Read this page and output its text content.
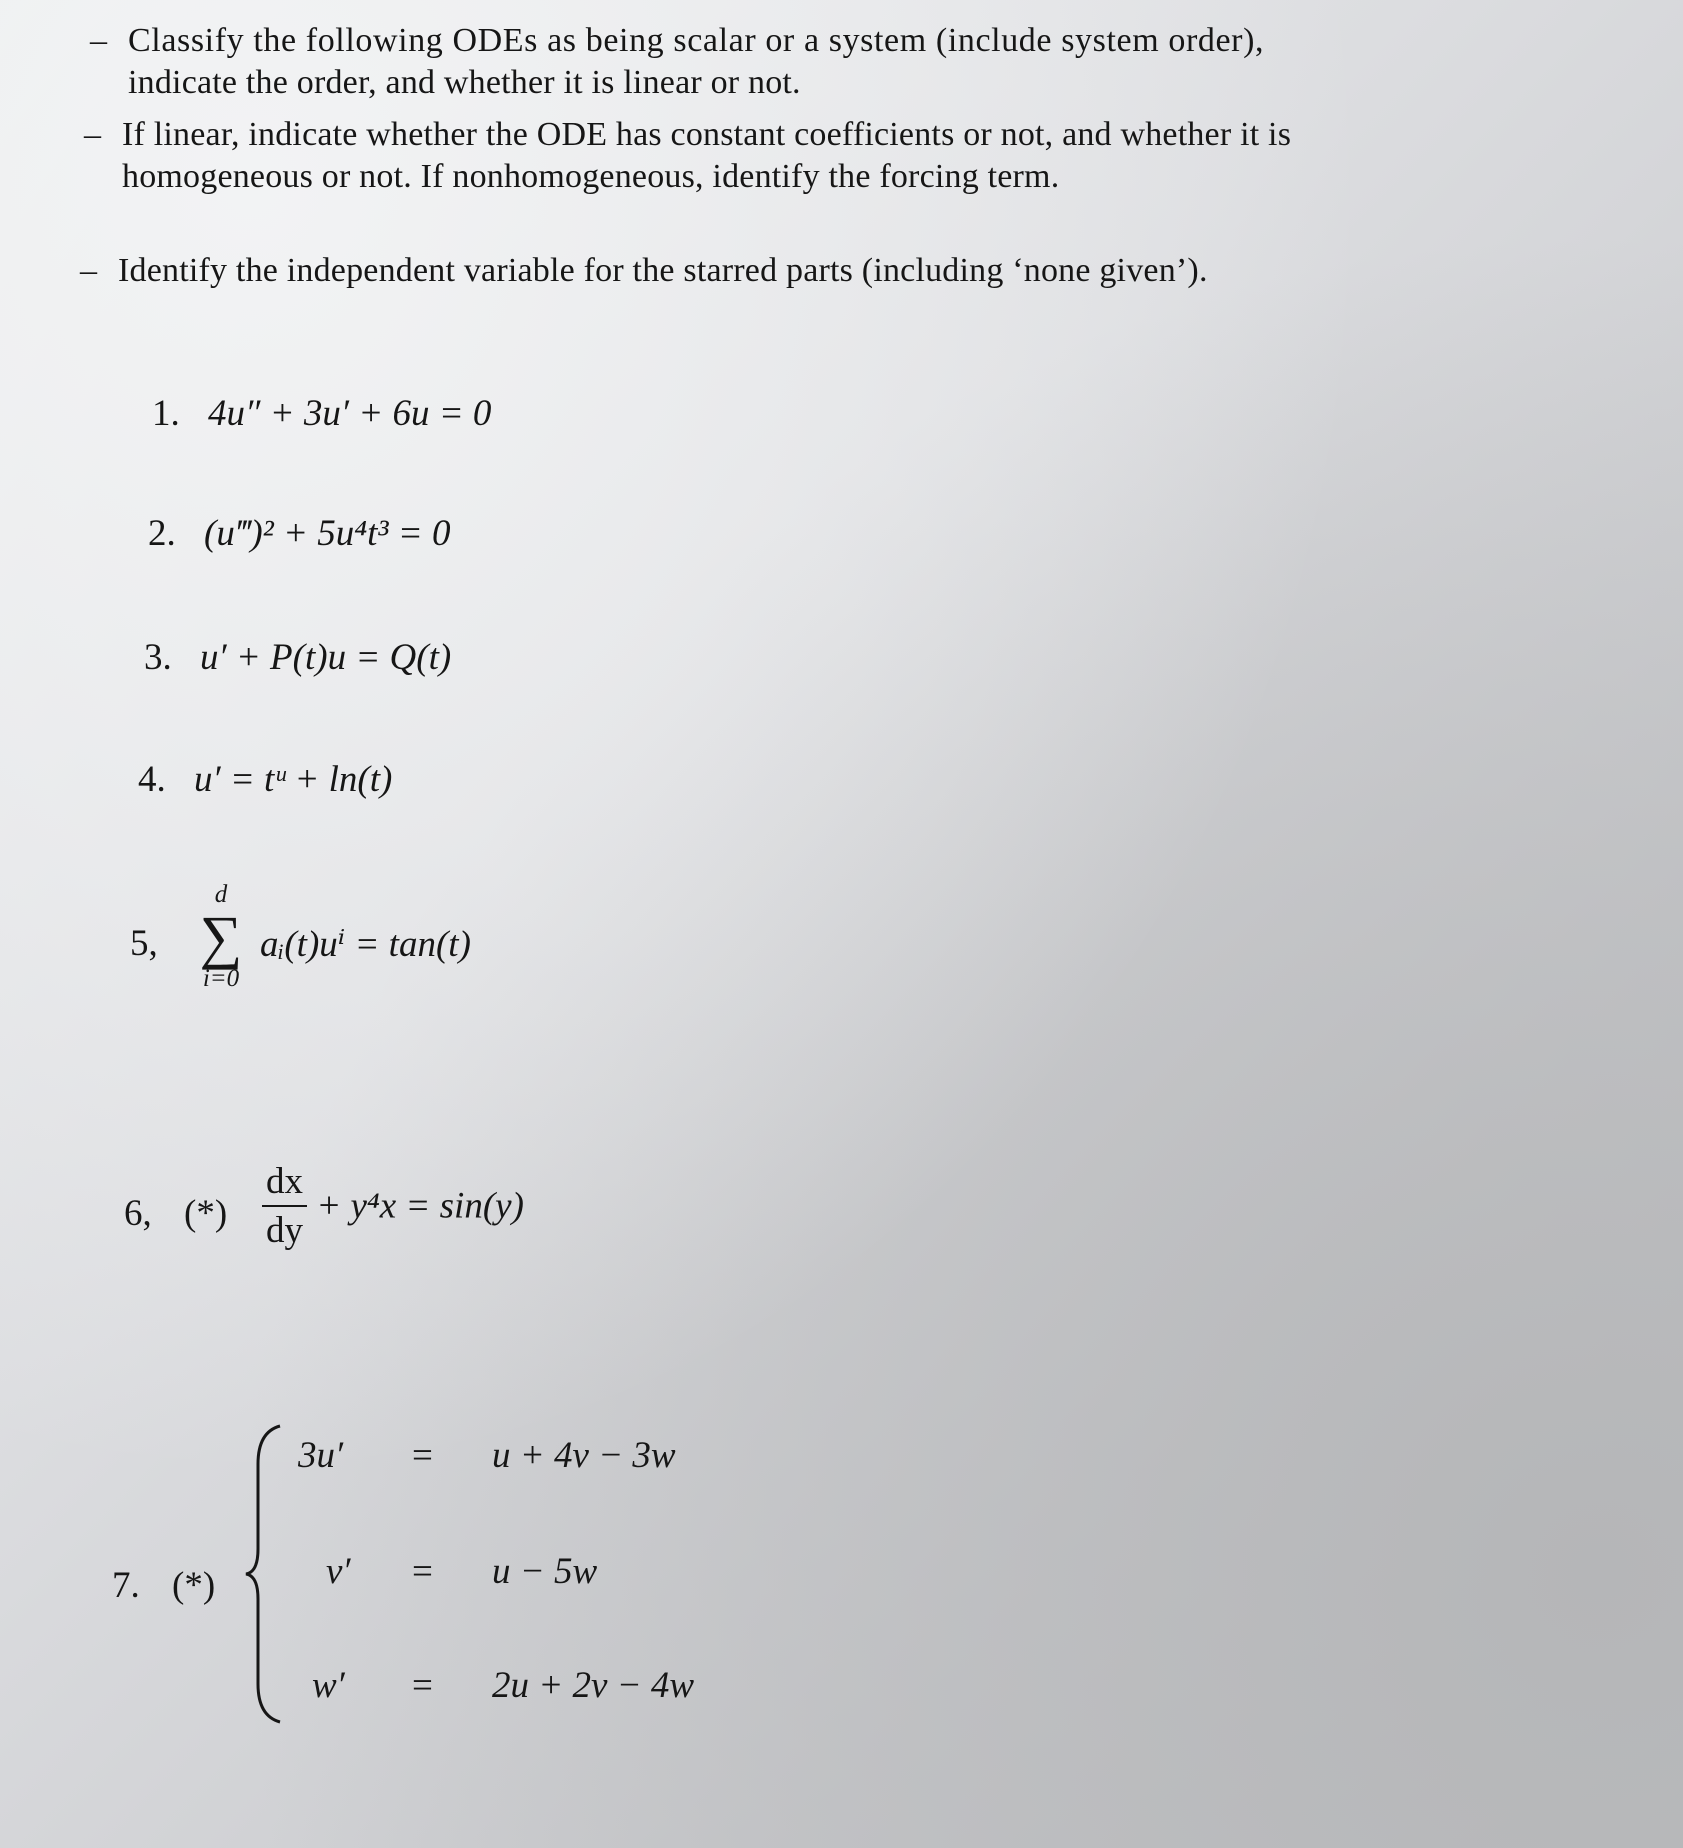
– Classify the following ODEs as being scalar or a system (include system order),
indicate the order, and whether it is linear or not.
– If linear, indicate whether the ODE has constant coefficients or not, and whether it is
homogeneous or not. If nonhomogeneous, identify the forcing term.
– Identify the independent variable for the starred parts (including ‘none given’).
1. 4u″ + 3u′ + 6u = 0
2. (u‴)² + 5u⁴t³ = 0
3. u′ + P(t)u = Q(t)
4. u′ = tᵘ + ln(t)
5,
d
∑
i=0
aᵢ(t)uⁱ = tan(t)
6, (*) $\frac{dx}{dy} + y^4x = \sin(y)$
7. (*)
3u′ = u + 4v − 3w
v′ = u − 5w
w′ = 2u + 2v − 4w
